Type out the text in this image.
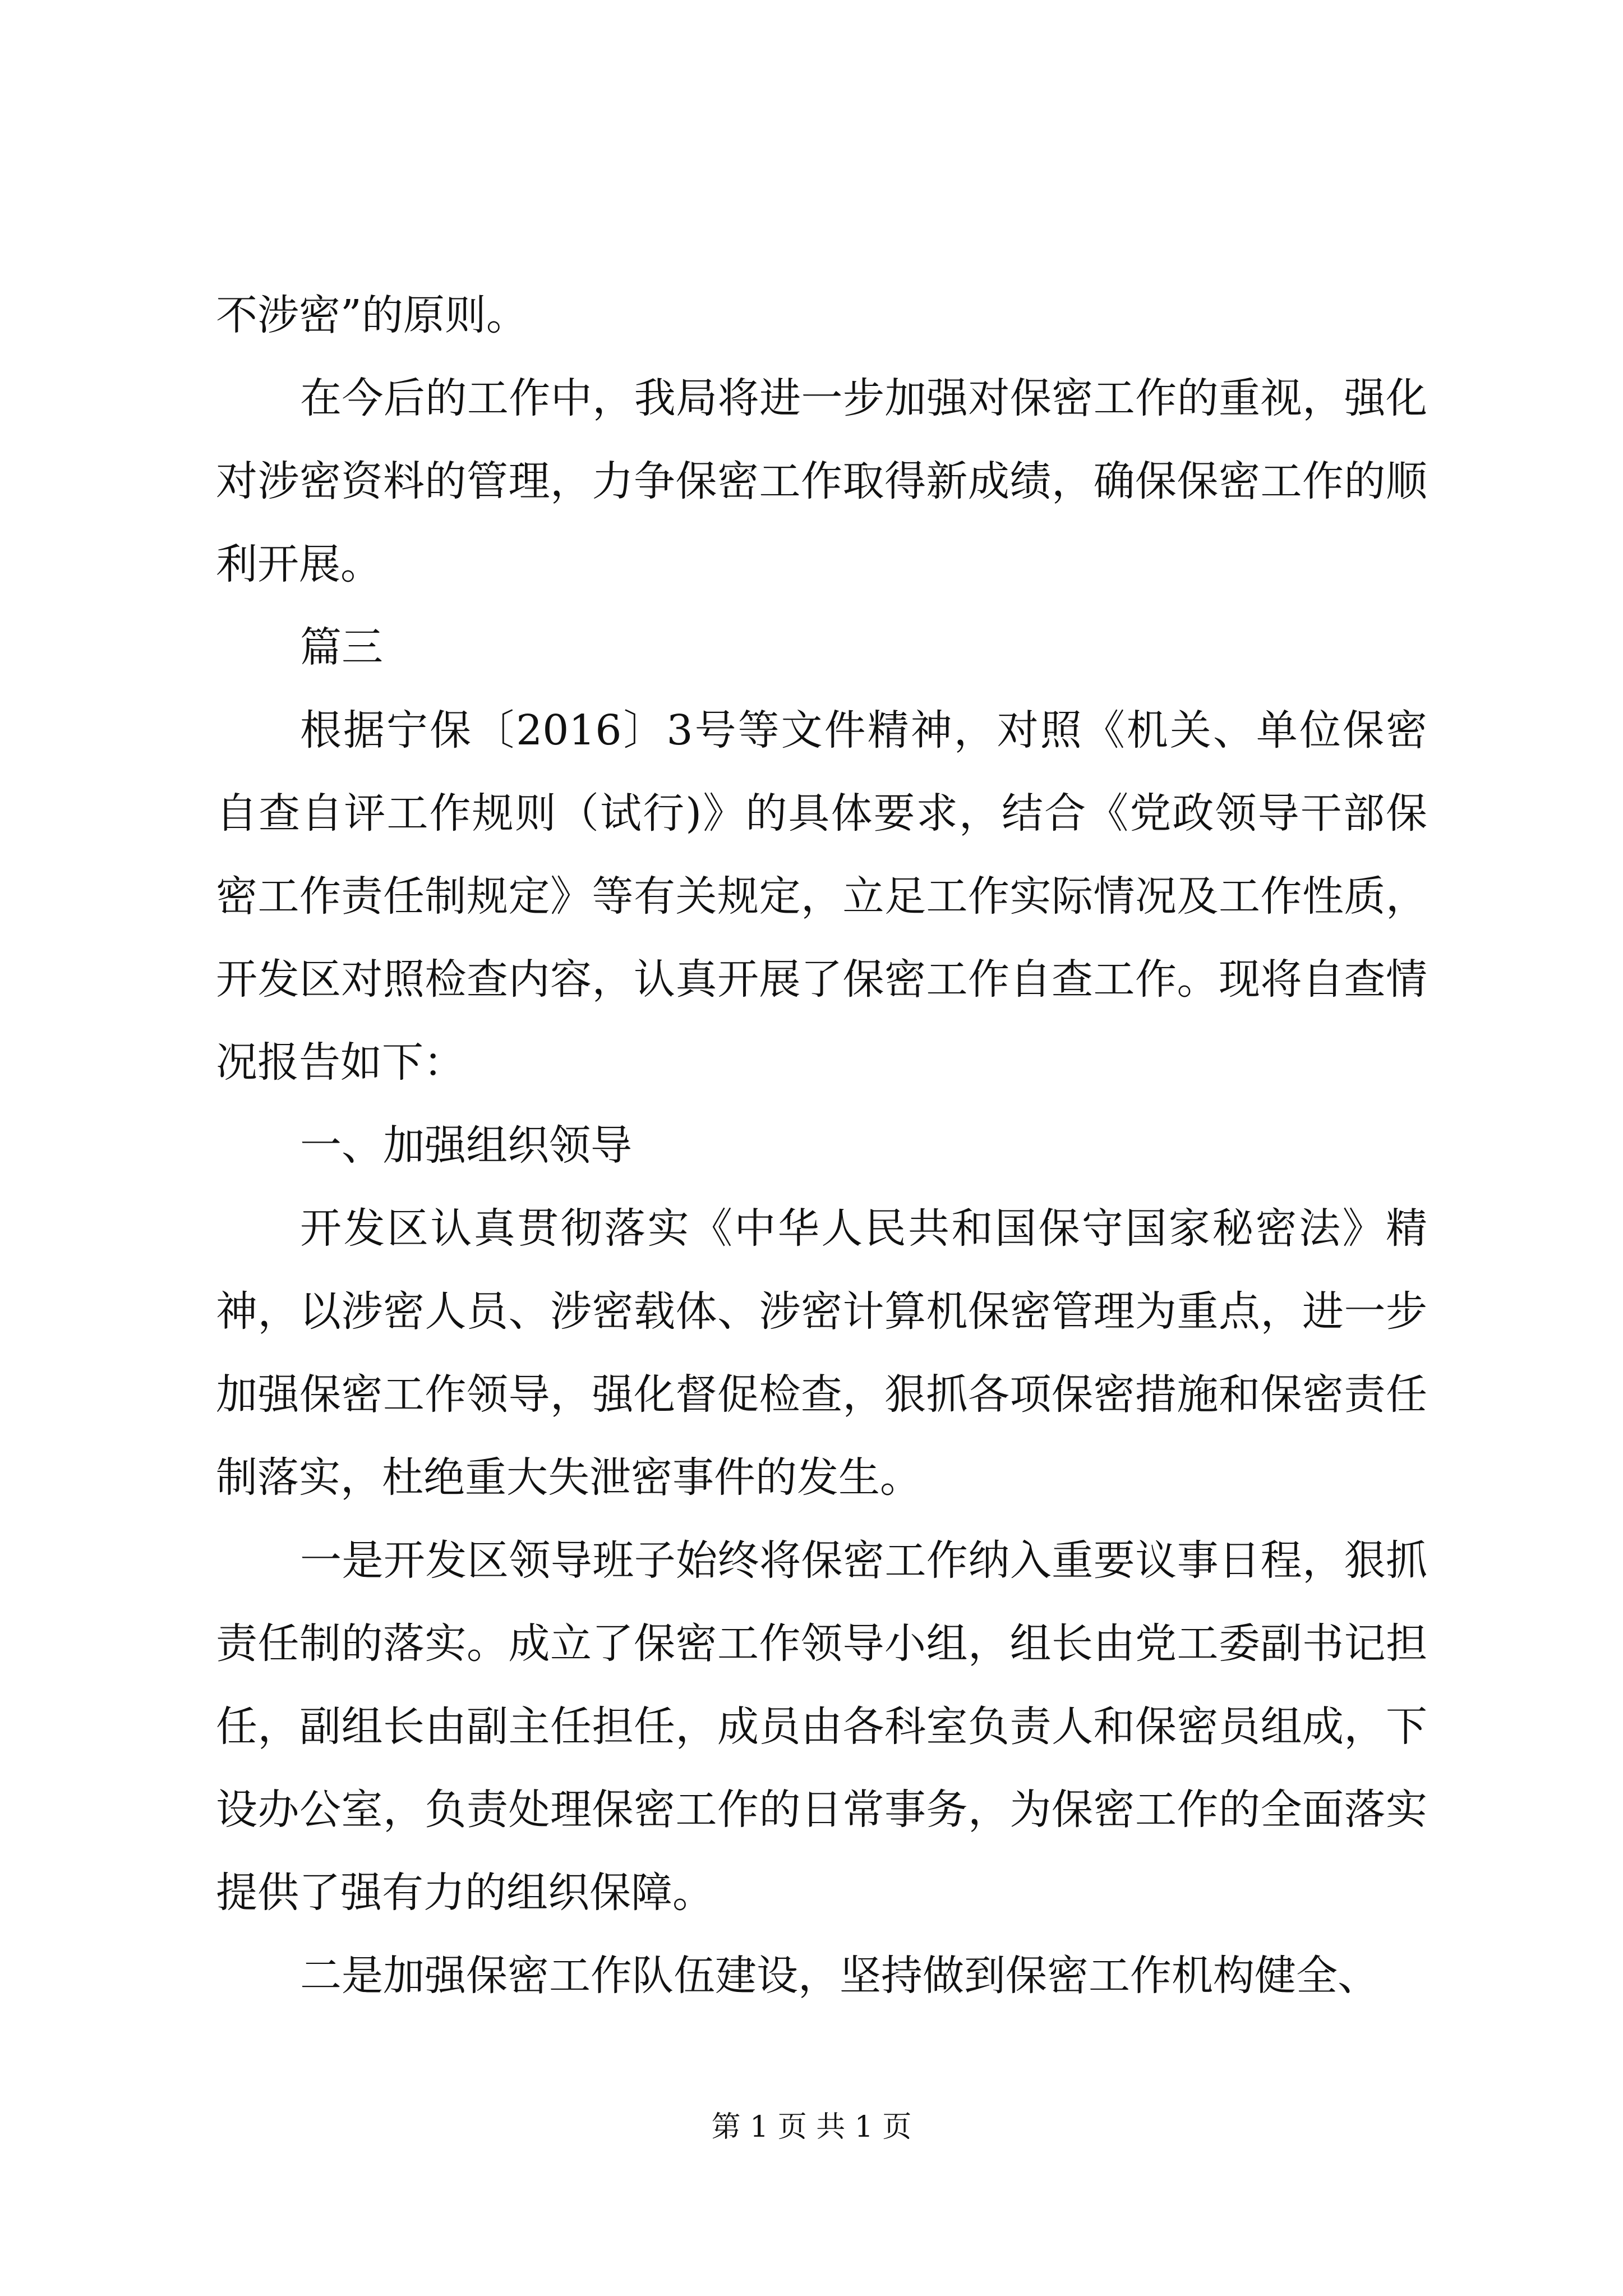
不涉密”的原则。

在今后的工作中，我局将进一步加强对保密工作的重视，强化对涉密资料的管理，力争保密工作取得新成绩，确保保密工作的顺利开展。

篇三

根据宁保〔2016〕3号等文件精神，对照《机关、单位保密自查自评工作规则（试行)》的具体要求，结合《党政领导干部保密工作责任制规定》等有关规定，立足工作实际情况及工作性质，开发区对照检查内容，认真开展了保密工作自查工作。现将自查情况报告如下：

一、加强组织领导

开发区认真贯彻落实《中华人民共和国保守国家秘密法》精神，以涉密人员、涉密载体、涉密计算机保密管理为重点，进一步加强保密工作领导，强化督促检查，狠抓各项保密措施和保密责任制落实，杜绝重大失泄密事件的发生。

一是开发区领导班子始终将保密工作纳入重要议事日程，狠抓责任制的落实。成立了保密工作领导小组，组长由党工委副书记担任，副组长由副主任担任，成员由各科室负责人和保密员组成，下设办公室，负责处理保密工作的日常事务，为保密工作的全面落实提供了强有力的组织保障。

二是加强保密工作队伍建设，坚持做到保密工作机构健全、

第 1 页 共 1 页
